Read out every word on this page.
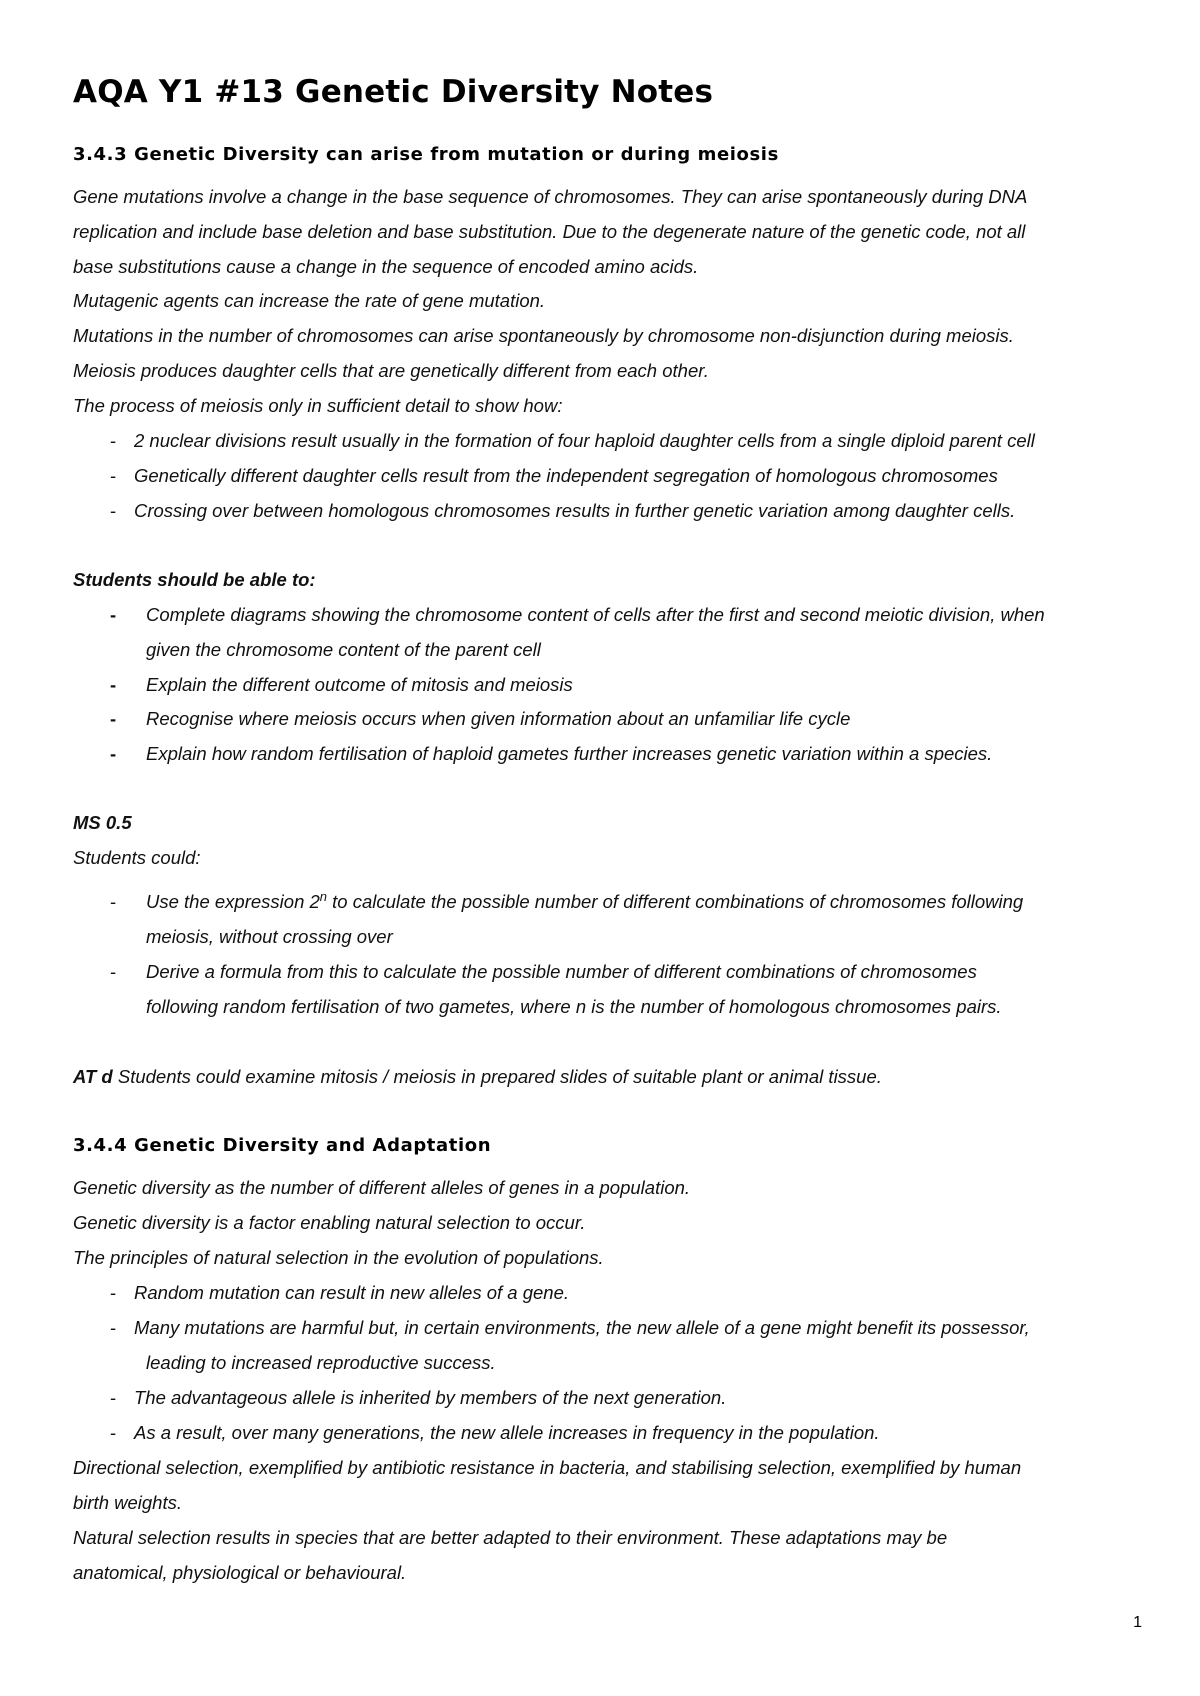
AQA Y1 #13 Genetic Diversity Notes
3.4.3 Genetic Diversity can arise from mutation or during meiosis

Gene mutations involve a change in the base sequence of chromosomes. They can arise spontaneously during DNA

replication and include base deletion and base substitution. Due to the degenerate nature of the genetic code, not all

base substitutions cause a change in the sequence of encoded amino acids.

Mutagenic agents can increase the rate of gene mutation.

Mutations in the number of chromosomes can arise spontaneously by chromosome non-disjunction during meiosis.

Meiosis produces daughter cells that are genetically different from each other.

The process of meiosis only in sufficient detail to show how:

- 2 nuclear divisions result usually in the formation of four haploid daughter cells from a single diploid parent cell

- Genetically different daughter cells result from the independent segregation of homologous chromosomes

- Crossing over between homologous chromosomes results in further genetic variation among daughter cells.

Students should be able to:

- Complete diagrams showing the chromosome content of cells after the first and second meiotic division, when

given the chromosome content of the parent cell

- Explain the different outcome of mitosis and meiosis

- Recognise where meiosis occurs when given information about an unfamiliar life cycle

- Explain how random fertilisation of haploid gametes further increases genetic variation within a species.

MS 0.5

Students could:

- Use the expression 2$^n$ to calculate the possible number of different combinations of chromosomes following

meiosis, without crossing over

- Derive a formula from this to calculate the possible number of different combinations of chromosomes

following random fertilisation of two gametes, where n is the number of homologous chromosomes pairs.

AT d Students could examine mitosis / meiosis in prepared slides of suitable plant or animal tissue.

3.4.4 Genetic Diversity and Adaptation

Genetic diversity as the number of different alleles of genes in a population.

Genetic diversity is a factor enabling natural selection to occur.

The principles of natural selection in the evolution of populations.

- Random mutation can result in new alleles of a gene.

- Many mutations are harmful but, in certain environments, the new allele of a gene might benefit its possessor,

leading to increased reproductive success.

- The advantageous allele is inherited by members of the next generation.

- As a result, over many generations, the new allele increases in frequency in the population.

Directional selection, exemplified by antibiotic resistance in bacteria, and stabilising selection, exemplified by human

birth weights.

Natural selection results in species that are better adapted to their environment. These adaptations may be

anatomical, physiological or behavioural.

1
